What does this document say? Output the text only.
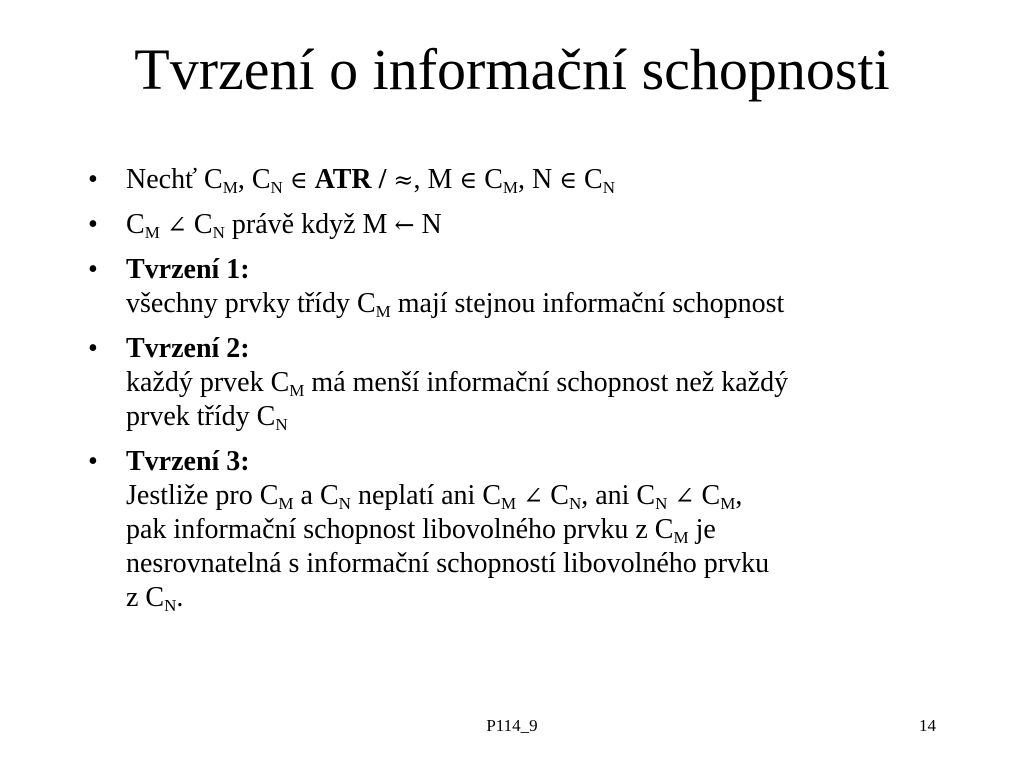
Tvrzení o informační schopnosti
• Nechť $C_M$, $C_N$ ∈ ATR / ≈, M ∈ $C_M$, N ∈ $C_N$
• $C_M$ ∠ $C_N$ právě když M ← N
• Tvrzení 1:
všechny prvky třídy $C_M$ mají stejnou informační schopnost
• Tvrzení 2:
každý prvek $C_M$ má menší informační schopnost než každý
prvek třídy $C_N$
• Tvrzení 3:
Jestliže pro $C_M$ a $C_N$ neplatí ani $C_M$ ∠ $C_N$, ani $C_N$ ∠ $C_M$,
pak informační schopnost libovolného prvku z $C_M$ je
nesrovnatelná s informační schopností libovolného prvku
z $C_N$.
P114_9	14
